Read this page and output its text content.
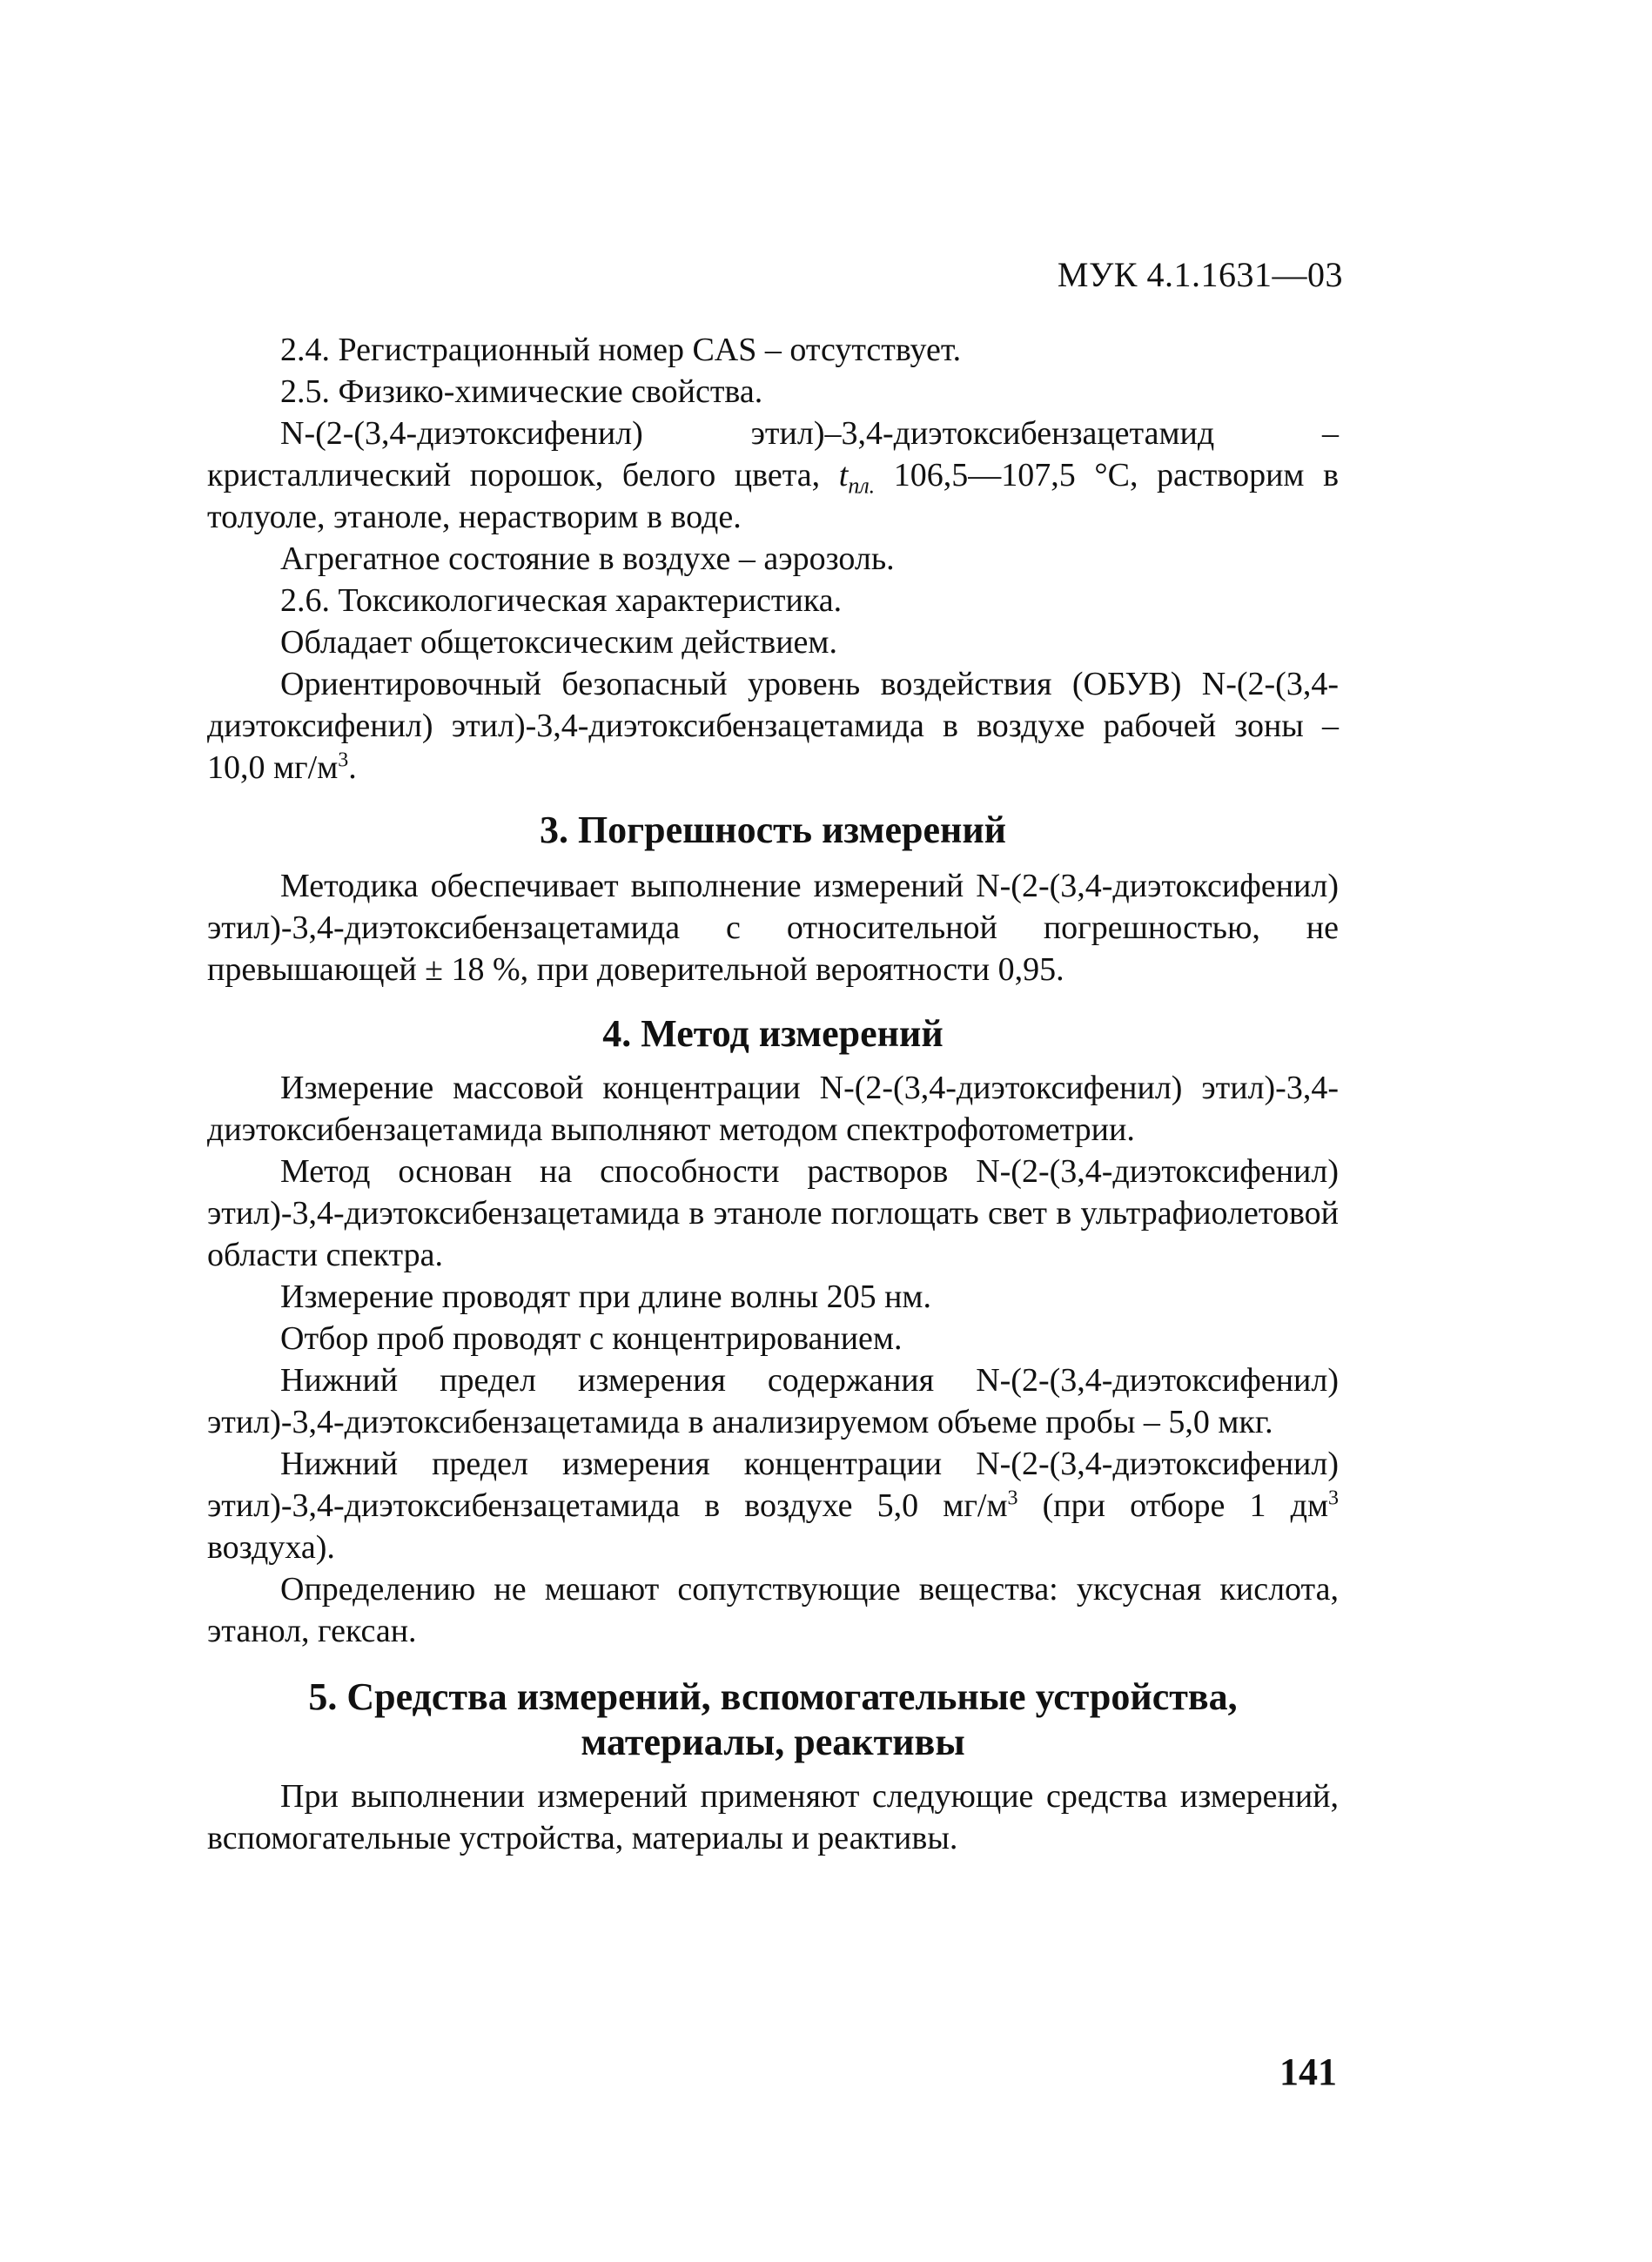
МУК 4.1.1631—03

2.4. Регистрационный номер CAS – отсутствует.

2.5. Физико-химические свойства.

N-(2-(3,4-диэтоксифенил) этил)–3,4-диэтоксибензацетамид – кристаллический порошок, белого цвета, $t_{пл.}$ 106,5—107,5 °С, растворим в толуоле, этаноле, нерастворим в воде.

Агрегатное состояние в воздухе – аэрозоль.

2.6. Токсикологическая характеристика.

Обладает общетоксическим действием.

Ориентировочный безопасный уровень воздействия (ОБУВ) N-(2-(3,4-диэтоксифенил) этил)-3,4-диэтоксибензацетамида в воздухе рабочей зоны – 10,0 $мг/м^3$.

3. Погрешность измерений

Методика обеспечивает выполнение измерений N-(2-(3,4-диэтоксифенил) этил)-3,4-диэтоксибензацетамида с относительной погрешностью, не превышающей ± 18 %, при доверительной вероятности 0,95.

4. Метод измерений

Измерение массовой концентрации N-(2-(3,4-диэтоксифенил) этил)-3,4-диэтоксибензацетамида выполняют методом спектрофотометрии.

Метод основан на способности растворов N-(2-(3,4-диэтоксифенил) этил)-3,4-диэтоксибензацетамида в этаноле поглощать свет в ультрафиолетовой области спектра.

Измерение проводят при длине волны 205 нм.

Отбор проб проводят с концентрированием.

Нижний предел измерения содержания N-(2-(3,4-диэтоксифенил) этил)-3,4-диэтоксибензацетамида в анализируемом объеме пробы – 5,0 мкг.

Нижний предел измерения концентрации N-(2-(3,4-диэтоксифенил) этил)-3,4-диэтоксибензацетамида в воздухе 5,0 $мг/м^3$ (при отборе 1 $дм^3$ воздуха).

Определению не мешают сопутствующие вещества: уксусная кислота, этанол, гексан.

5. Средства измерений, вспомогательные устройства,
материалы, реактивы

При выполнении измерений применяют следующие средства измерений, вспомогательные устройства, материалы и реактивы.

141
